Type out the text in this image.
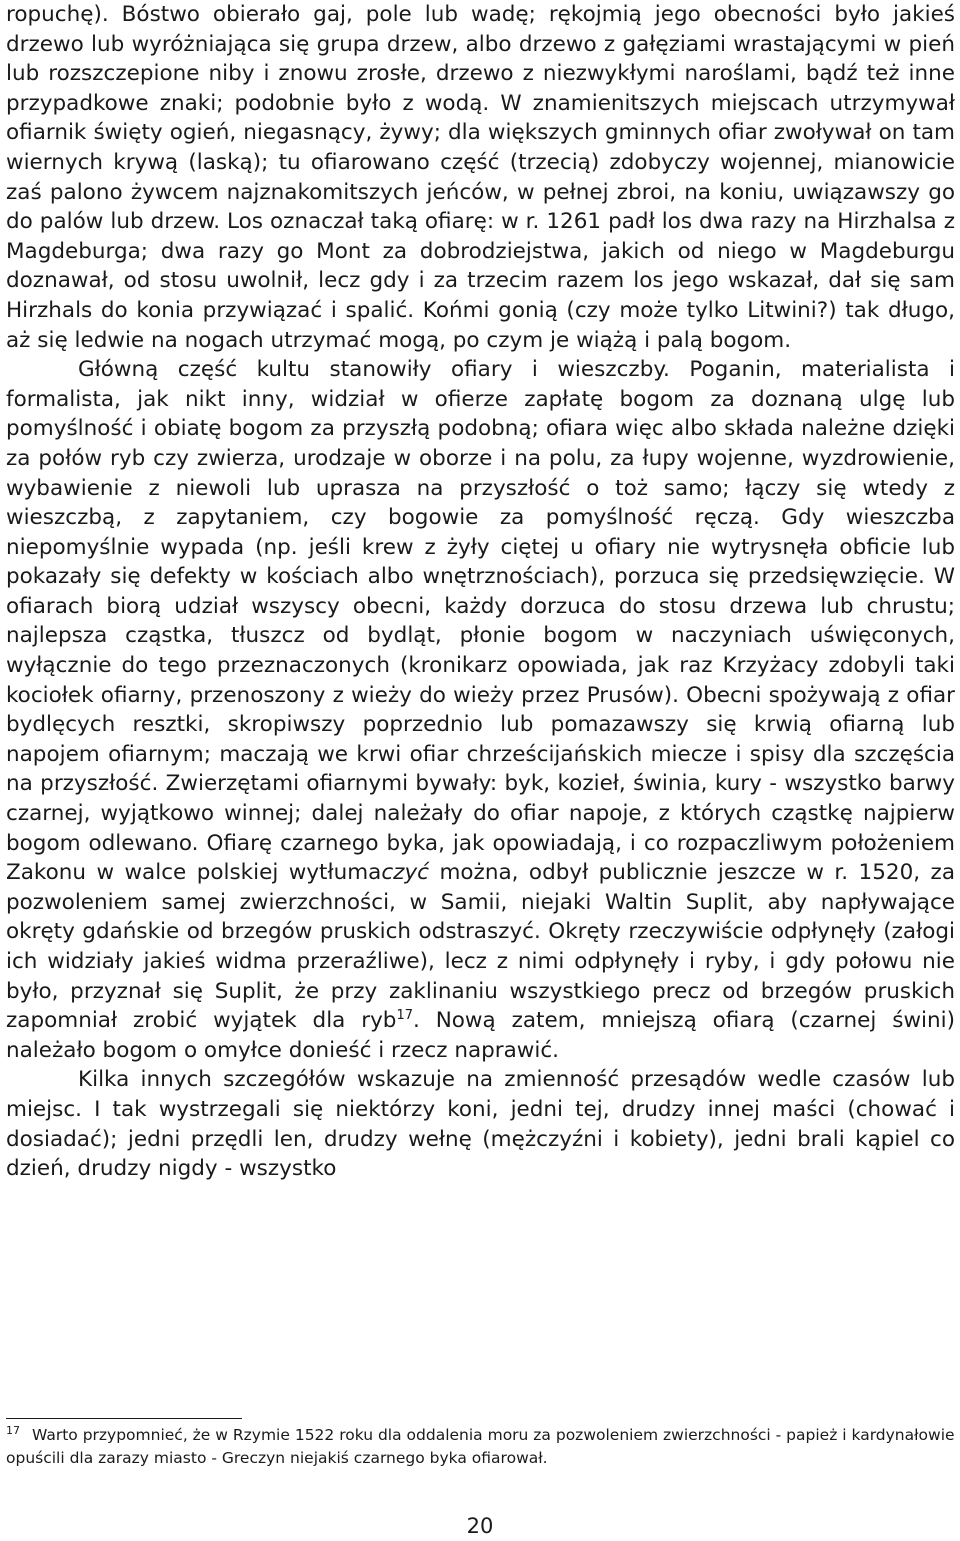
ropuchę). Bóstwo obierało gaj, pole lub wadę; rękojmią jego obecności było jakieś drzewo lub wyróżniająca się grupa drzew, albo drzewo z gałęziami wrastającymi w pień lub rozszczepione niby i znowu zrosłe, drzewo z niezwykłymi naroślami, bądź też inne przypadkowe znaki; podobnie było z wodą. W znamienitszych miejscach utrzymywał ofiarnik święty ogień, niegasnący, żywy; dla większych gminnych ofiar zwoływał on tam wiernych krywą (laską); tu ofiarowano część (trzecią) zdobyczy wojennej, mianowicie zaś palono żywcem najznakomitszych jeńców, w pełnej zbroi, na koniu, uwiązawszy go do palów lub drzew. Los oznaczał taką ofiarę: w r. 1261 padł los dwa razy na Hirzhalsa z Magdeburga; dwa razy go Mont za dobrodziejstwa, jakich od niego w Magdeburgu doznawał, od stosu uwolnił, lecz gdy i za trzecim razem los jego wskazał, dał się sam Hirzhals do konia przywiązać i spalić. Końmi gonią (czy może tylko Litwini?) tak długo, aż się ledwie na nogach utrzymać mogą, po czym je wiążą i palą bogom.

Główną część kultu stanowiły ofiary i wieszczby. Poganin, materialista i formalista, jak nikt inny, widział w ofierze zapłatę bogom za doznaną ulgę lub pomyślność i obiatę bogom za przyszłą podobną; ofiara więc albo składa należne dzięki za połów ryb czy zwierza, urodzaje w oborze i na polu, za łupy wojenne, wyzdrowienie, wybawienie z niewoli lub uprasza na przyszłość o toż samo; łączy się wtedy z wieszczbą, z zapytaniem, czy bogowie za pomyślność ręczą. Gdy wieszczba niepomyślnie wypada (np. jeśli krew z żyły ciętej u ofiary nie wytrysnęła obficie lub pokazały się defekty w kościach albo wnętrznościach), porzuca się przedsięwzięcie. W ofiarach biorą udział wszyscy obecni, każdy dorzuca do stosu drzewa lub chrustu; najlepsza cząstka, tłuszcz od bydląt, płonie bogom w naczyniach uświęconych, wyłącznie do tego przeznaczonych (kronikarz opowiada, jak raz Krzyżacy zdobyli taki kociołek ofiarny, przenoszony z wieży do wieży przez Prusów). Obecni spożywają z ofiar bydlęcych resztki, skropiwszy poprzednio lub pomazawszy się krwią ofiarną lub napojem ofiarnym; maczają we krwi ofiar chrześcijańskich miecze i spisy dla szczęścia na przyszłość. Zwierzętami ofiarnymi bywały: byk, kozieł, świnia, kury - wszystko barwy czarnej, wyjątkowo winnej; dalej należały do ofiar napoje, z których cząstkę najpierw bogom odlewano. Ofiarę czarnego byka, jak opowiadają, i co rozpaczliwym położeniem Zakonu w walce polskiej wytłumaczyć można, odbył publicznie jeszcze w r. 1520, za pozwoleniem samej zwierzchności, w Samii, niejaki Waltin Suplit, aby napływające okręty gdańskie od brzegów pruskich odstraszyć. Okręty rzeczywiście odpłynęły (załogi ich widziały jakieś widma przeraźliwe), lecz z nimi odpłynęły i ryby, i gdy połowu nie było, przyznał się Suplit, że przy zaklinaniu wszystkiego precz od brzegów pruskich zapomniał zrobić wyjątek dla ryb$^{17}$. Nową zatem, mniejszą ofiarą (czarnej świni) należało bogom o omyłce donieść i rzecz naprawić.

Kilka innych szczegółów wskazuje na zmienność przesądów wedle czasów lub miejsc. I tak wystrzegali się niektórzy koni, jedni tej, drudzy innej maści (chować i dosiadać); jedni przędli len, drudzy wełnę (mężczyźni i kobiety), jedni brali kąpiel co dzień, drudzy nigdy - wszystko

$^{17}$ Warto przypomnieć, że w Rzymie 1522 roku dla oddalenia moru za pozwoleniem zwierzchności - papież i kardynałowie opuścili dla zarazy miasto - Greczyn niejakiś czarnego byka ofiarował.

20
